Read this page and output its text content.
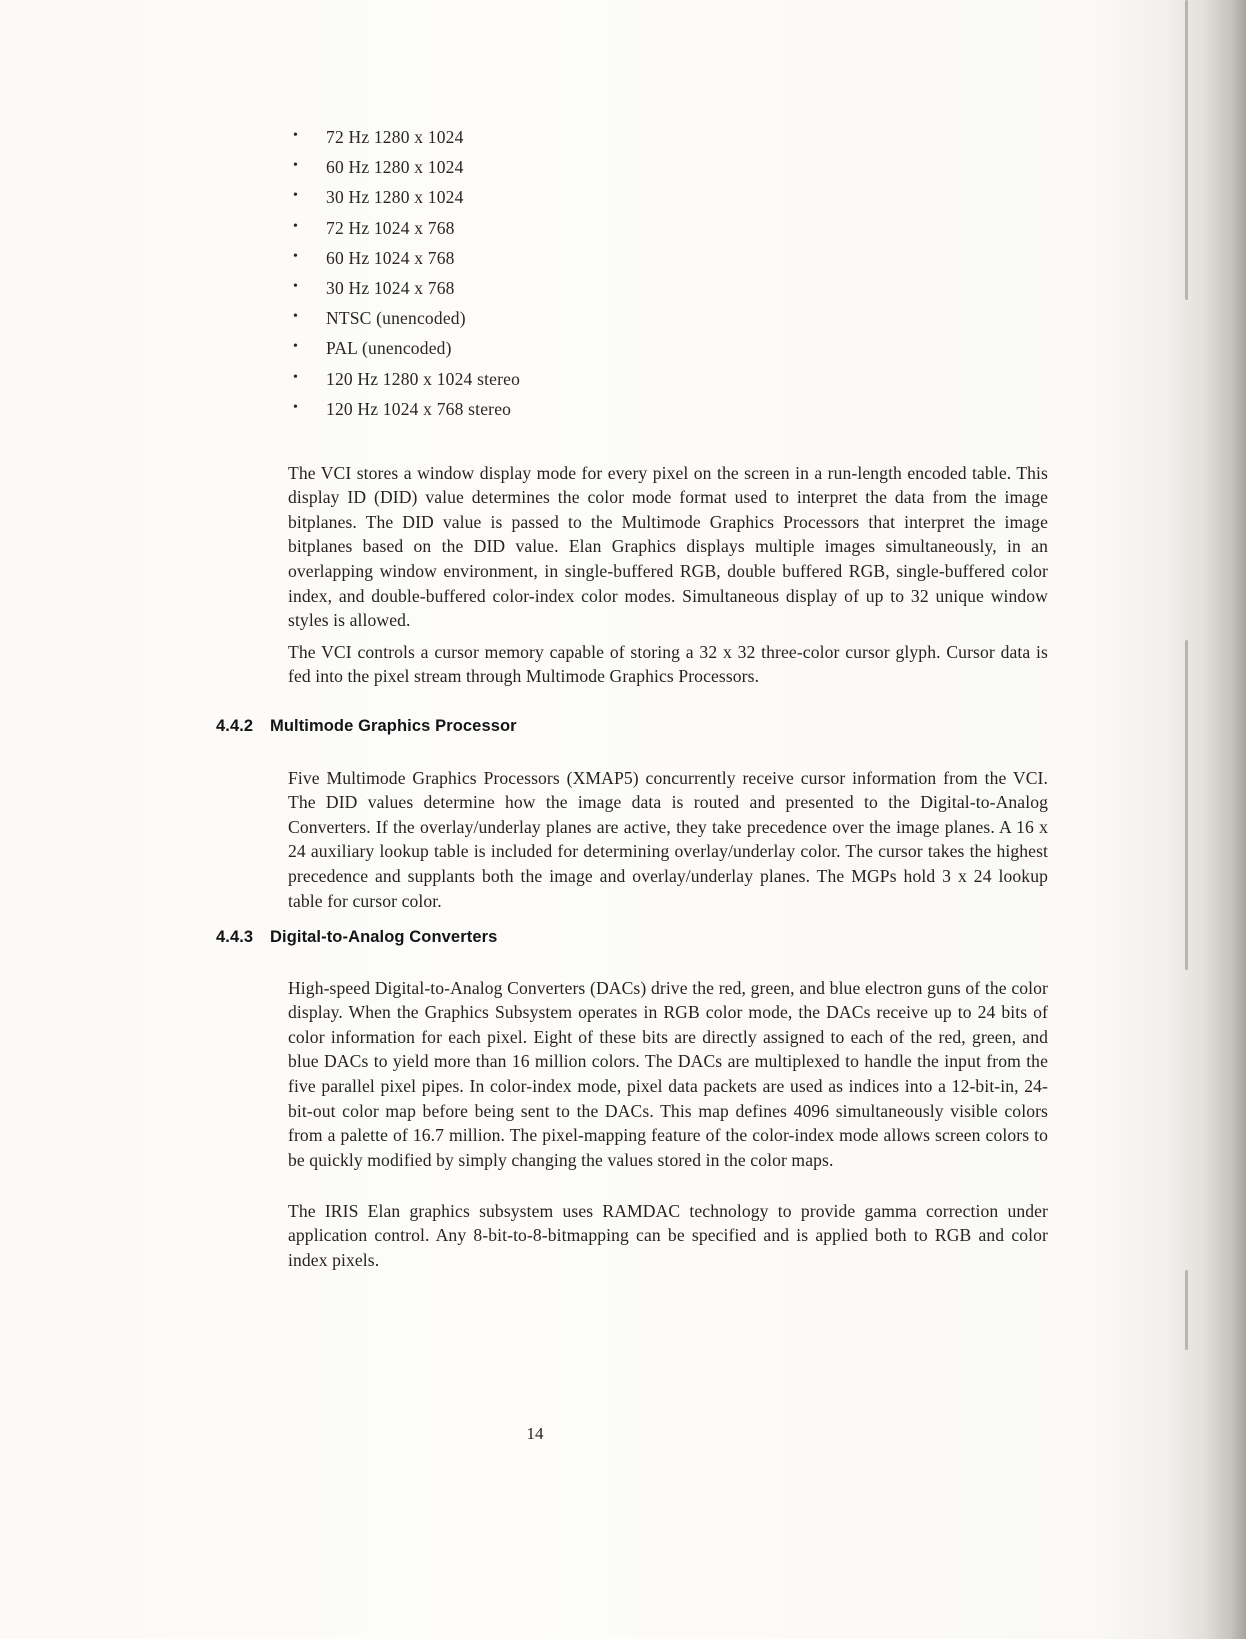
• 72 Hz 1280 x 1024
• 60 Hz 1280 x 1024
• 30 Hz 1280 x 1024
• 72 Hz 1024 x 768
• 60 Hz 1024 x 768
• 30 Hz 1024 x 768
• NTSC (unencoded)
• PAL (unencoded)
• 120 Hz 1280 x 1024 stereo
• 120 Hz 1024 x 768 stereo

The VCI stores a window display mode for every pixel on the screen in a run-length encoded table. This display ID (DID) value determines the color mode format used to interpret the data from the image bitplanes. The DID value is passed to the Multimode Graphics Processors that interpret the image bitplanes based on the DID value. Elan Graphics displays multiple images simultaneously, in an overlapping window environment, in single-buffered RGB, double buffered RGB, single-buffered color index, and double-buffered color-index color modes. Simultaneous display of up to 32 unique window styles is allowed.

The VCI controls a cursor memory capable of storing a 32 x 32 three-color cursor glyph. Cursor data is fed into the pixel stream through Multimode Graphics Processors.

4.4.2 Multimode Graphics Processor

Five Multimode Graphics Processors (XMAP5) concurrently receive cursor information from the VCI. The DID values determine how the image data is routed and presented to the Digital-to-Analog Converters. If the overlay/underlay planes are active, they take precedence over the image planes. A 16 x 24 auxiliary lookup table is included for determining overlay/underlay color. The cursor takes the highest precedence and supplants both the image and overlay/underlay planes. The MGPs hold 3 x 24 lookup table for cursor color.

4.4.3 Digital-to-Analog Converters

High-speed Digital-to-Analog Converters (DACs) drive the red, green, and blue electron guns of the color display. When the Graphics Subsystem operates in RGB color mode, the DACs receive up to 24 bits of color information for each pixel. Eight of these bits are directly assigned to each of the red, green, and blue DACs to yield more than 16 million colors. The DACs are multiplexed to handle the input from the five parallel pixel pipes. In color-index mode, pixel data packets are used as indices into a 12-bit-in, 24-bit-out color map before being sent to the DACs. This map defines 4096 simultaneously visible colors from a palette of 16.7 million. The pixel-mapping feature of the color-index mode allows screen colors to be quickly modified by simply changing the values stored in the color maps.

The IRIS Elan graphics subsystem uses RAMDAC technology to provide gamma correction under application control. Any 8-bit-to-8-bitmapping can be specified and is applied both to RGB and color index pixels.

14
